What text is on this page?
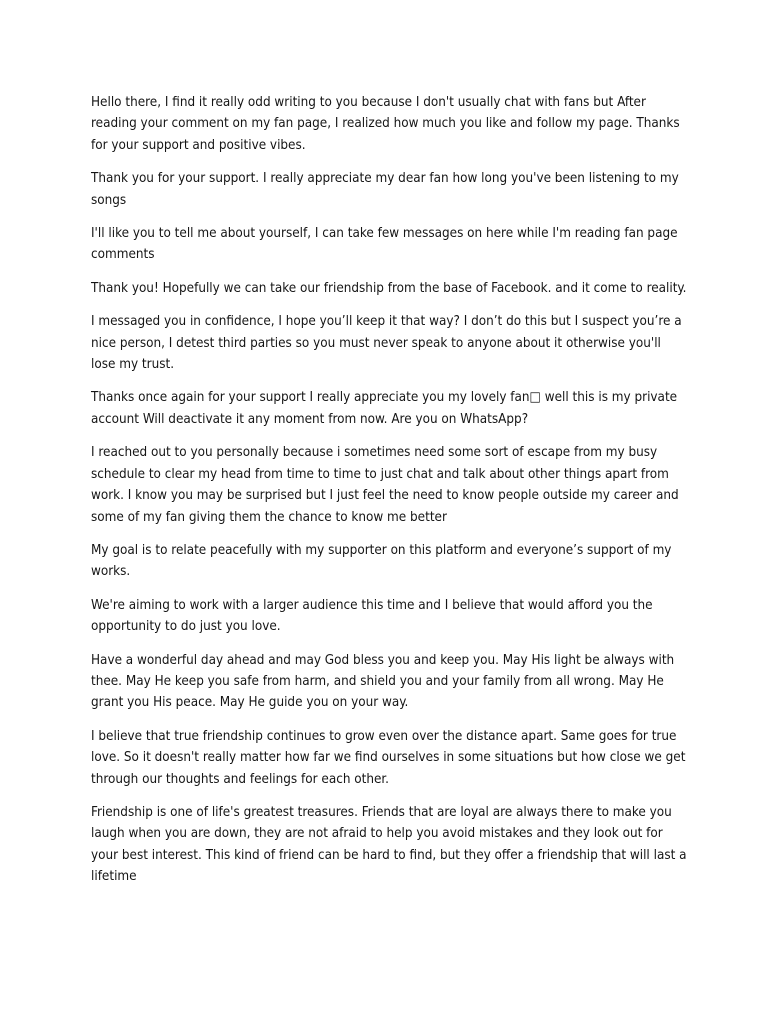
Hello there, I find it really odd writing to you because I don't usually chat with fans but After reading your comment on my fan page, I realized how much you like and follow my page. Thanks for your support and positive vibes.

Thank you for your support. I really appreciate my dear fan how long you've been listening to my songs

I'll like you to tell me about yourself, I can take few messages on here while I'm reading fan page comments

Thank you! Hopefully we can take our friendship from the base of Facebook. and it come to reality.

I messaged you in confidence, I hope you’ll keep it that way? I don’t do this but I suspect you’re a nice person, I detest third parties so you must never speak to anyone about it otherwise you'll lose my trust.

Thanks once again for your support I really appreciate you my lovely fan□ well this is my private account Will deactivate it any moment from now. Are you on WhatsApp?

I reached out to you personally because i sometimes need some sort of escape from my busy schedule to clear my head from time to time to just chat and talk about other things apart from work. I know you may be surprised but I just feel the need to know people outside my career and some of my fan giving them the chance to know me better

My goal is to relate peacefully with my supporter on this platform and everyone’s support of my works.

We're aiming to work with a larger audience this time and I believe that would afford you the opportunity to do just you love.

Have a wonderful day ahead and may God bless you and keep you. May His light be always with thee. May He keep you safe from harm, and shield you and your family from all wrong. May He grant you His peace. May He guide you on your way.

I believe that true friendship continues to grow even over the distance apart. Same goes for true love. So it doesn't really matter how far we find ourselves in some situations but how close we get through our thoughts and feelings for each other.

Friendship is one of life's greatest treasures. Friends that are loyal are always there to make you laugh when you are down, they are not afraid to help you avoid mistakes and they look out for your best interest. This kind of friend can be hard to find, but they offer a friendship that will last a lifetime
